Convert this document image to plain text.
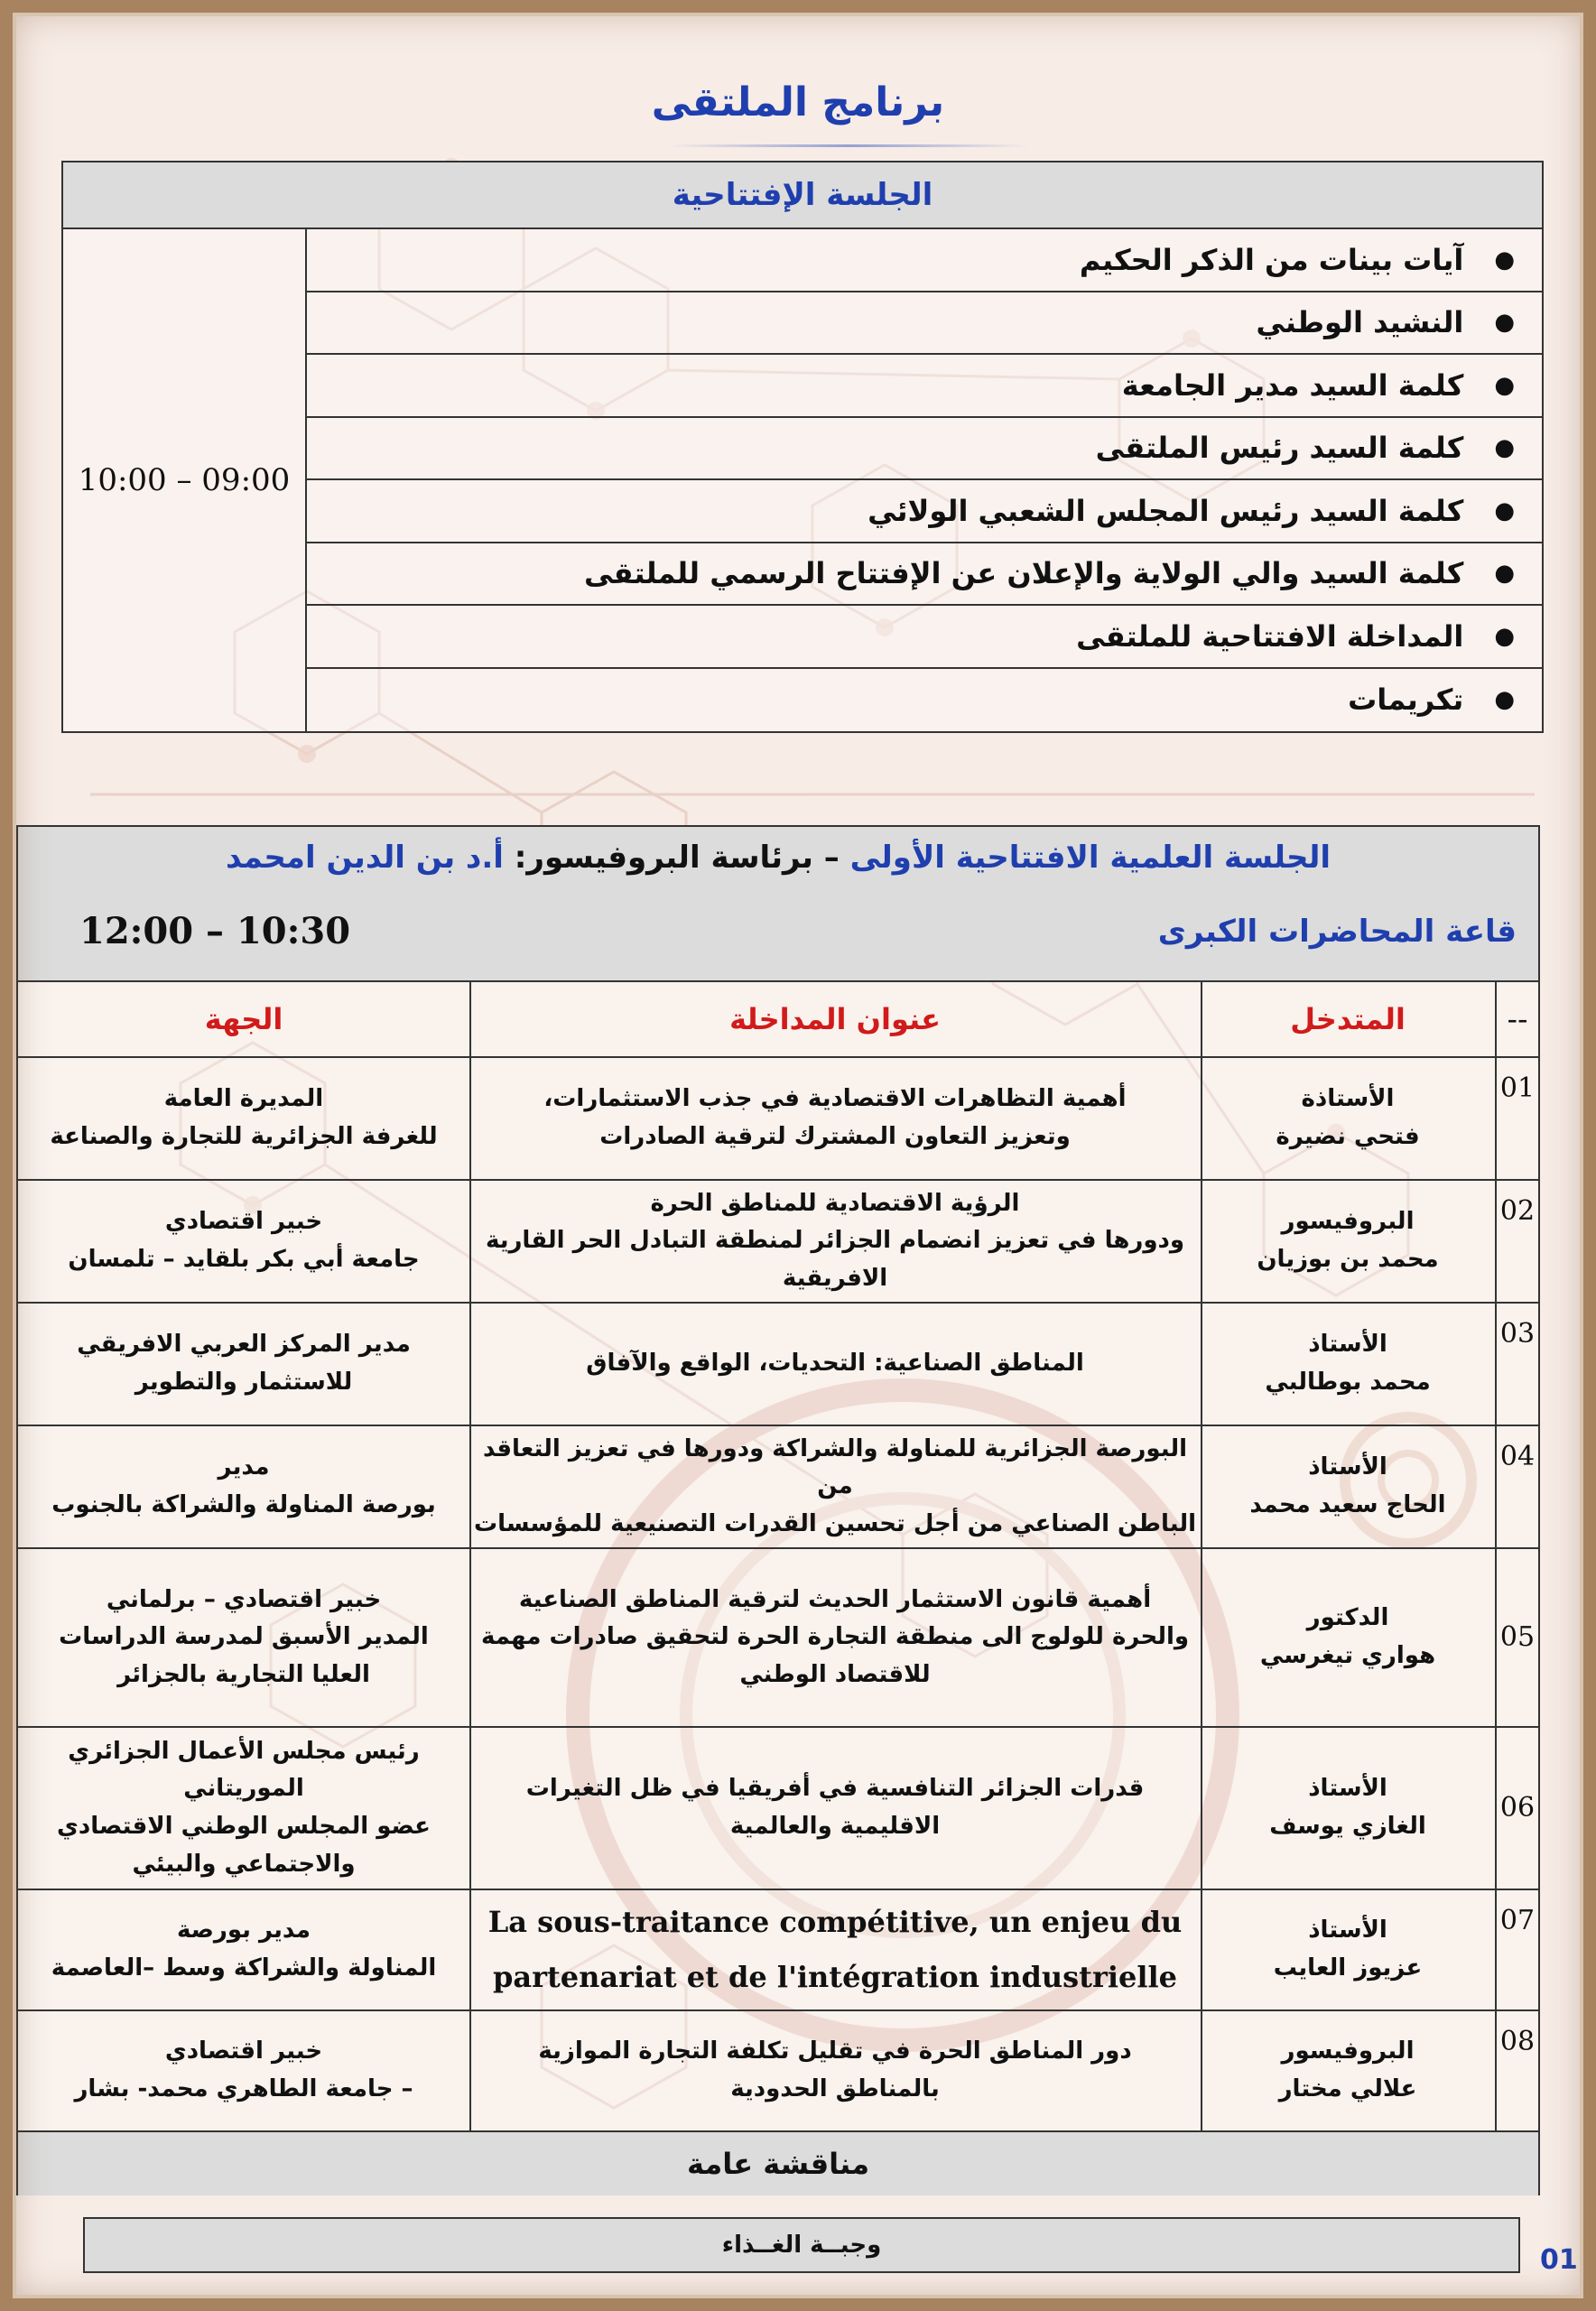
برنامج الملتقى
الجلسة الإفتتاحية
10:00 – 09:00
●
آيات بينات من الذكر الحكيم
●
النشيد الوطني
●
كلمة السيد مدير الجامعة
●
كلمة السيد رئيس الملتقى
●
كلمة السيد رئيس المجلس الشعبي الولائي
●
كلمة السيد والي الولاية والإعلان عن الإفتتاح الرسمي للملتقى
●
المداخلة الافتتاحية للملتقى
●
تكريمات
الجلسة العلمية الافتتاحية الأولى – برئاسة البروفيسور: أ.د بن الدين امحمد
قاعة المحاضرات الكبرى
12:00 – 10:30
--
المتدخل
عنوان المداخلة
الجهة
01
الأستاذة
فتحي نضيرة
أهمية التظاهرات الاقتصادية في جذب الاستثمارات،
وتعزيز التعاون المشترك لترقية الصادرات
المديرة العامة
للغرفة الجزائرية للتجارة والصناعة
02
البروفيسور
محمد بن بوزيان
الرؤية الاقتصادية للمناطق الحرة
ودورها في تعزيز انضمام الجزائر لمنطقة التبادل الحر القارية الافريقية
خبير اقتصادي
جامعة أبي بكر بلقايد – تلمسان
03
الأستاذ
محمد بوطالبي
المناطق الصناعية: التحديات، الواقع والآفاق
مدير المركز العربي الافريقي
للاستثمار والتطوير
04
الأستاذ
الحاج سعيد محمد
البورصة الجزائرية للمناولة والشراكة ودورها في تعزيز التعاقد من
الباطن الصناعي من أجل تحسين القدرات التصنيعية للمؤسسات
مدير
بورصة المناولة والشراكة بالجنوب
05
الدكتور
هواري تيغرسي
أهمية قانون الاستثمار الحديث لترقية المناطق الصناعية
والحرة للولوج الى منطقة التجارة الحرة لتحقيق صادرات مهمة
للاقتصاد الوطني
خبير اقتصادي – برلماني
المدير الأسبق لمدرسة الدراسات
العليا التجارية بالجزائر
06
الأستاذ
الغازي يوسف
قدرات الجزائر التنافسية في أفريقيا في ظل التغيرات
الاقليمية والعالمية
رئيس مجلس الأعمال الجزائري الموريتاني
عضو المجلس الوطني الاقتصادي
والاجتماعي والبيئي
07
الأستاذ
عزيوز العايب
La sous-traitance compétitive, un enjeu du
partenariat et de l'intégration industrielle
مدير بورصة
المناولة والشراكة وسط –العاصمة
08
البروفيسور
علالي مختار
دور المناطق الحرة في تقليل تكلفة التجارة الموازية
بالمناطق الحدودية
خبير اقتصادي
– جامعة الطاهري محمد- بشار
مناقشة عامة
وجبــة الغــذاء	01
